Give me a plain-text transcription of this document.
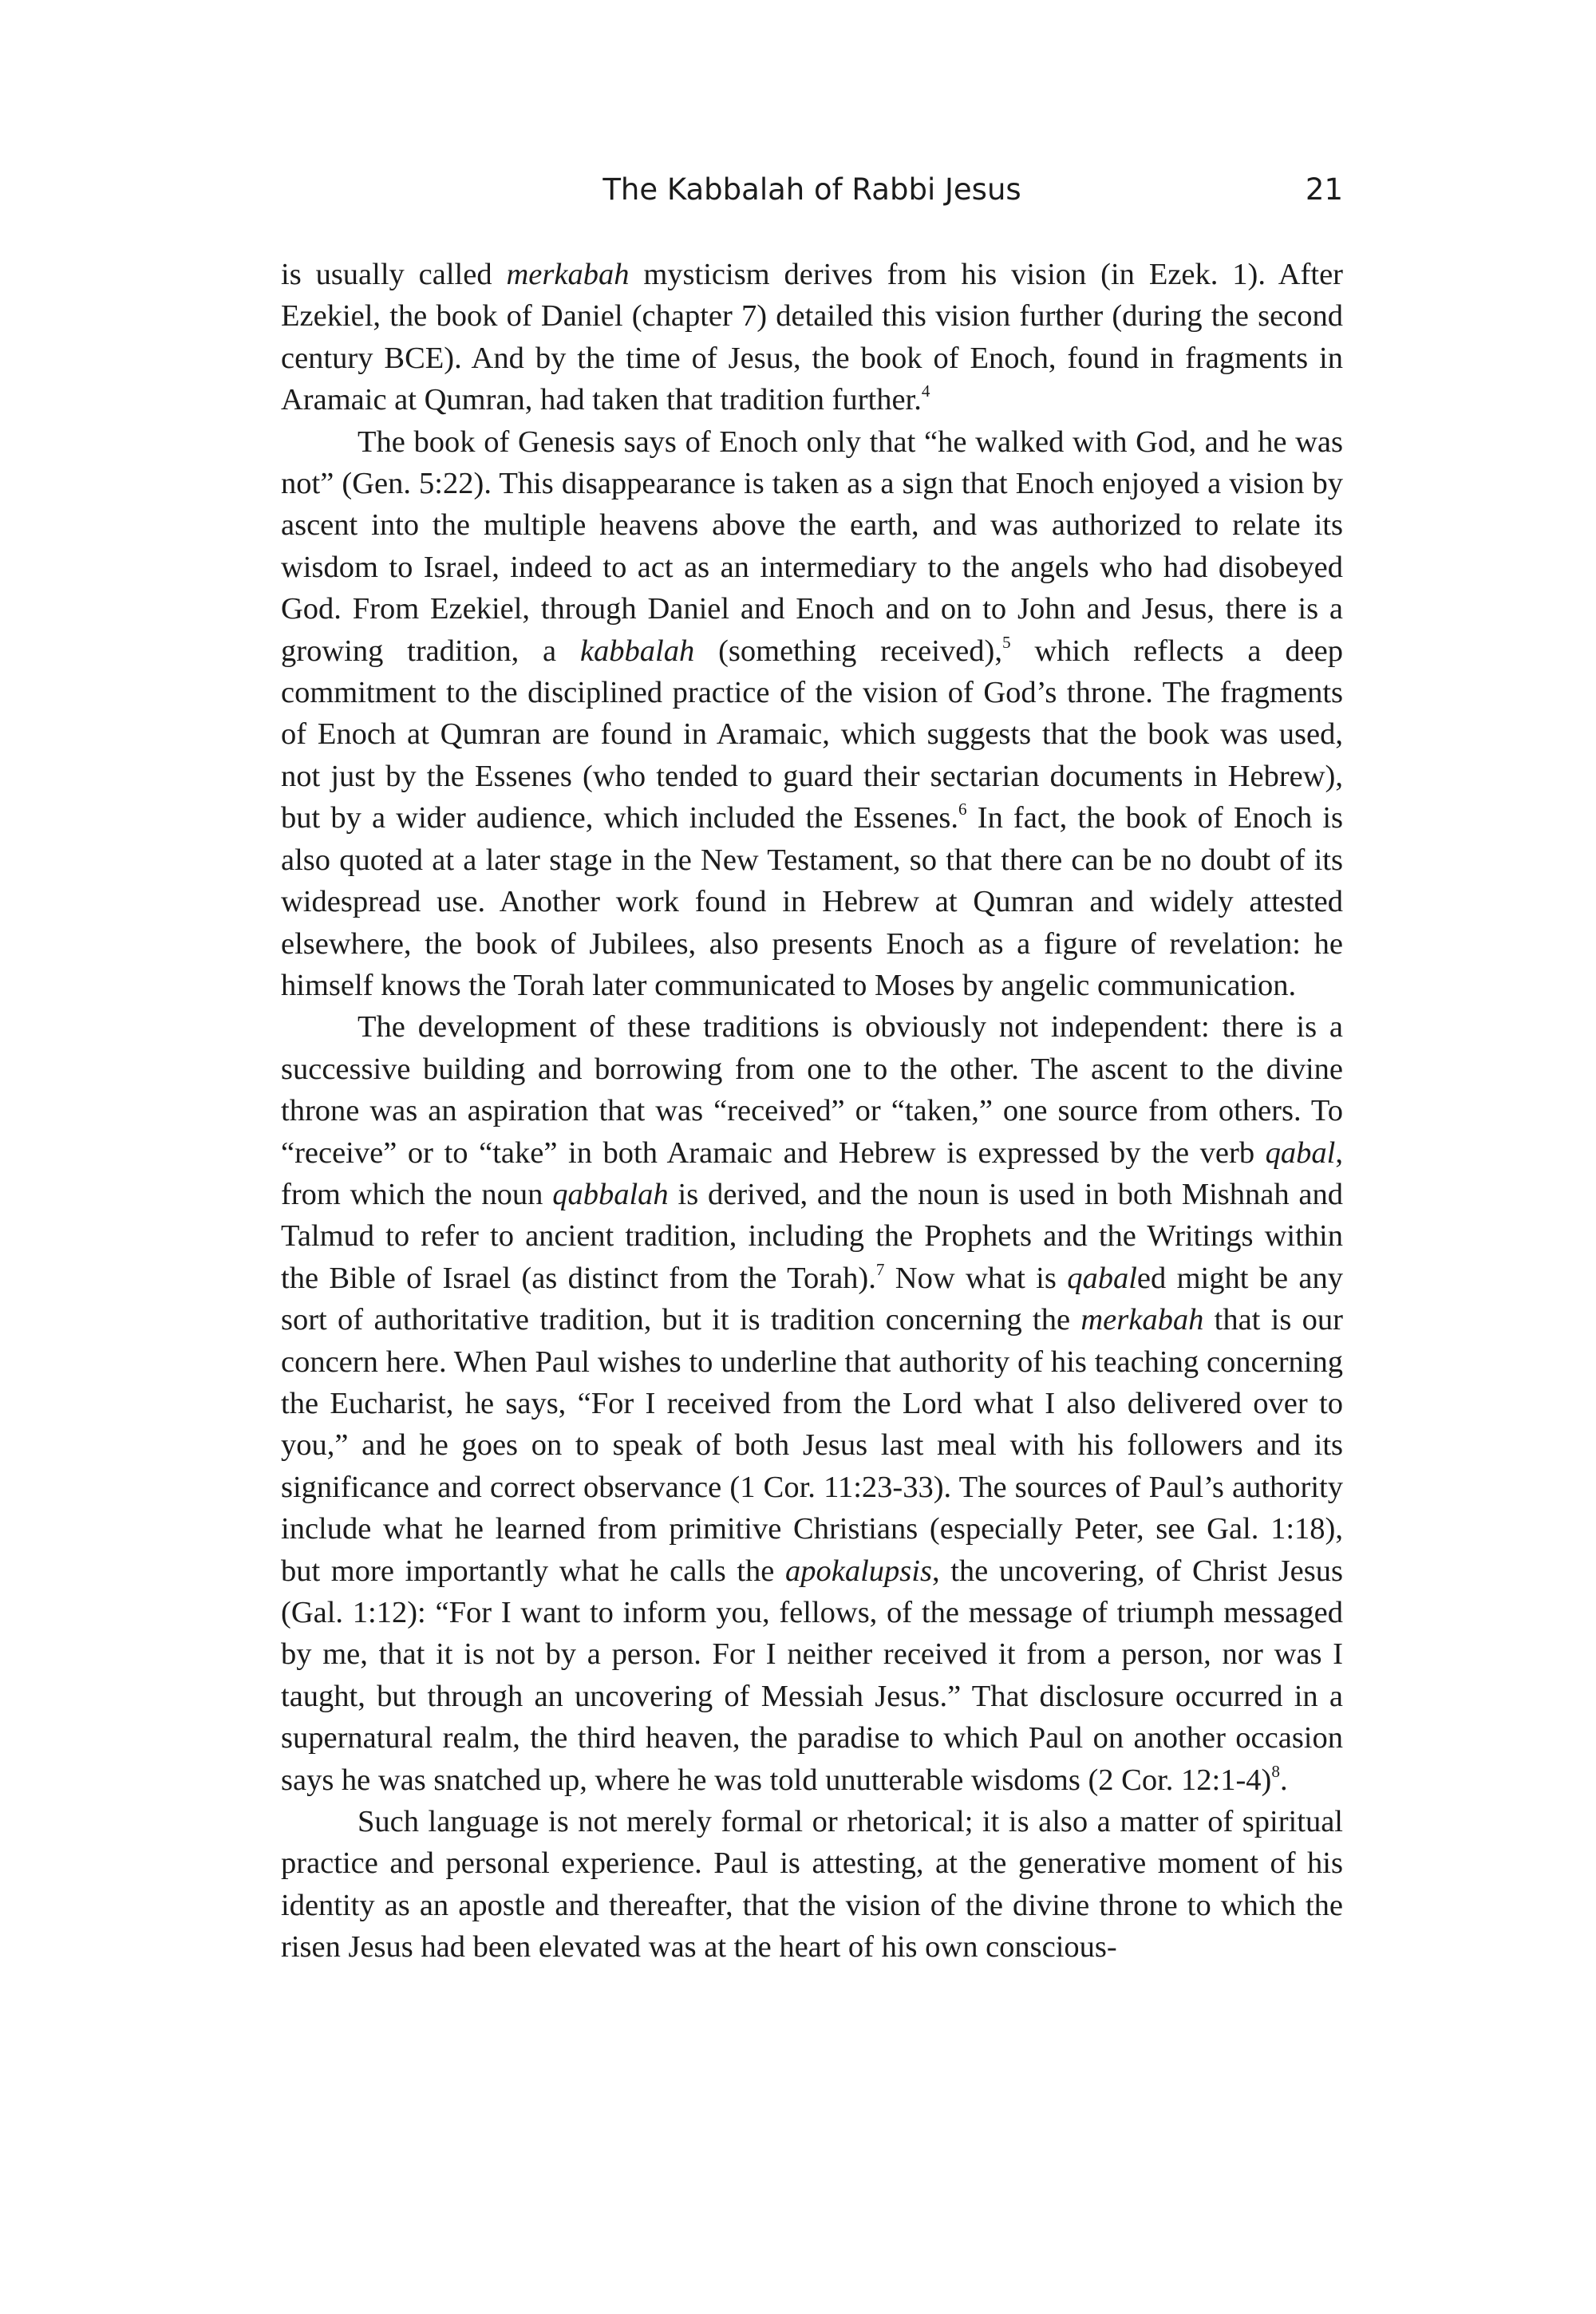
The Kabbalah of Rabbi Jesus	21

is usually called merkabah mysticism derives from his vision (in Ezek. 1). After Ezekiel, the book of Daniel (chapter 7) detailed this vision further (during the second century BCE). And by the time of Jesus, the book of Enoch, found in fragments in Aramaic at Qumran, had taken that tradition further.$^4$

The book of Genesis says of Enoch only that “he walked with God, and he was not” (Gen. 5:22). This disappearance is taken as a sign that Enoch enjoyed a vision by ascent into the multiple heavens above the earth, and was authorized to relate its wisdom to Israel, indeed to act as an intermediary to the angels who had disobeyed God. From Ezekiel, through Daniel and Enoch and on to John and Jesus, there is a growing tradition, a kabbalah (something received),$^5$ which reflects a deep commitment to the disciplined practice of the vision of God’s throne. The fragments of Enoch at Qumran are found in Aramaic, which suggests that the book was used, not just by the Essenes (who tended to guard their sectarian documents in Hebrew), but by a wider audience, which included the Essenes.$^6$ In fact, the book of Enoch is also quoted at a later stage in the New Testament, so that there can be no doubt of its widespread use. Another work found in Hebrew at Qumran and widely attested elsewhere, the book of Jubilees, also presents Enoch as a figure of revelation: he himself knows the Torah later communicated to Moses by angelic communication.

The development of these traditions is obviously not independent: there is a successive building and borrowing from one to the other. The ascent to the divine throne was an aspiration that was “received” or “taken,” one source from others. To “receive” or to “take” in both Aramaic and Hebrew is expressed by the verb qabal, from which the noun qabbalah is derived, and the noun is used in both Mishnah and Talmud to refer to ancient tradition, including the Prophets and the Writings within the Bible of Israel (as distinct from the Torah).$^7$ Now what is qabaled might be any sort of authoritative tradition, but it is tradition concerning the merkabah that is our concern here. When Paul wishes to underline that authority of his teaching concerning the Eucharist, he says, “For I received from the Lord what I also delivered over to you,” and he goes on to speak of both Jesus last meal with his followers and its significance and correct observance (1 Cor. 11:23-33). The sources of Paul’s authority include what he learned from primitive Christians (especially Peter, see Gal. 1:18), but more importantly what he calls the apokalupsis, the uncovering, of Christ Jesus (Gal. 1:12): “For I want to inform you, fellows, of the message of triumph messaged by me, that it is not by a person. For I neither received it from a person, nor was I taught, but through an uncovering of Messiah Jesus.” That disclosure occurred in a supernatural realm, the third heaven, the paradise to which Paul on another occasion says he was snatched up, where he was told unutterable wisdoms (2 Cor. 12:1-4)$^8$.

Such language is not merely formal or rhetorical; it is also a matter of spiritual practice and personal experience. Paul is attesting, at the generative moment of his identity as an apostle and thereafter, that the vision of the divine throne to which the risen Jesus had been elevated was at the heart of his own conscious-
